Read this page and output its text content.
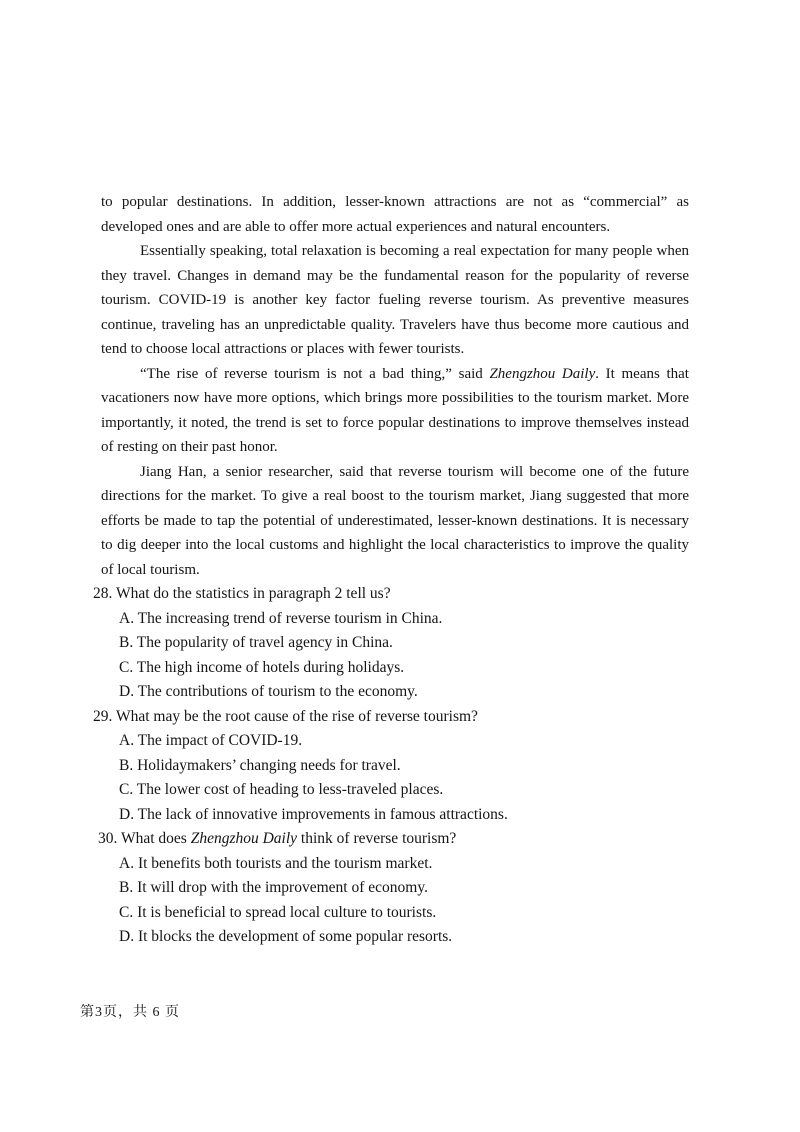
to popular destinations. In addition, lesser-known attractions are not as “commercial” as developed ones and are able to offer more actual experiences and natural encounters.

Essentially speaking, total relaxation is becoming a real expectation for many people when they travel. Changes in demand may be the fundamental reason for the popularity of reverse tourism. COVID-19 is another key factor fueling reverse tourism. As preventive measures continue, traveling has an unpredictable quality. Travelers have thus become more cautious and tend to choose local attractions or places with fewer tourists.

“The rise of reverse tourism is not a bad thing,” said Zhengzhou Daily. It means that vacationers now have more options, which brings more possibilities to the tourism market. More importantly, it noted, the trend is set to force popular destinations to improve themselves instead of resting on their past honor.

Jiang Han, a senior researcher, said that reverse tourism will become one of the future directions for the market. To give a real boost to the tourism market, Jiang suggested that more efforts be made to tap the potential of underestimated, lesser-known destinations. It is necessary to dig deeper into the local customs and highlight the local characteristics to improve the quality of local tourism.

28. What do the statistics in paragraph 2 tell us?

A. The increasing trend of reverse tourism in China.

B. The popularity of travel agency in China.

C. The high income of hotels during holidays.

D. The contributions of tourism to the economy.

29. What may be the root cause of the rise of reverse tourism?

A. The impact of COVID-19.

B. Holidaymakers’ changing needs for travel.

C. The lower cost of heading to less-traveled places.

D. The lack of innovative improvements in famous attractions.

30. What does Zhengzhou Daily think of reverse tourism?

A. It benefits both tourists and the tourism market.

B. It will drop with the improvement of economy.

C. It is beneficial to spread local culture to tourists.

D. It blocks the development of some popular resorts.

第3页，共 6 页
